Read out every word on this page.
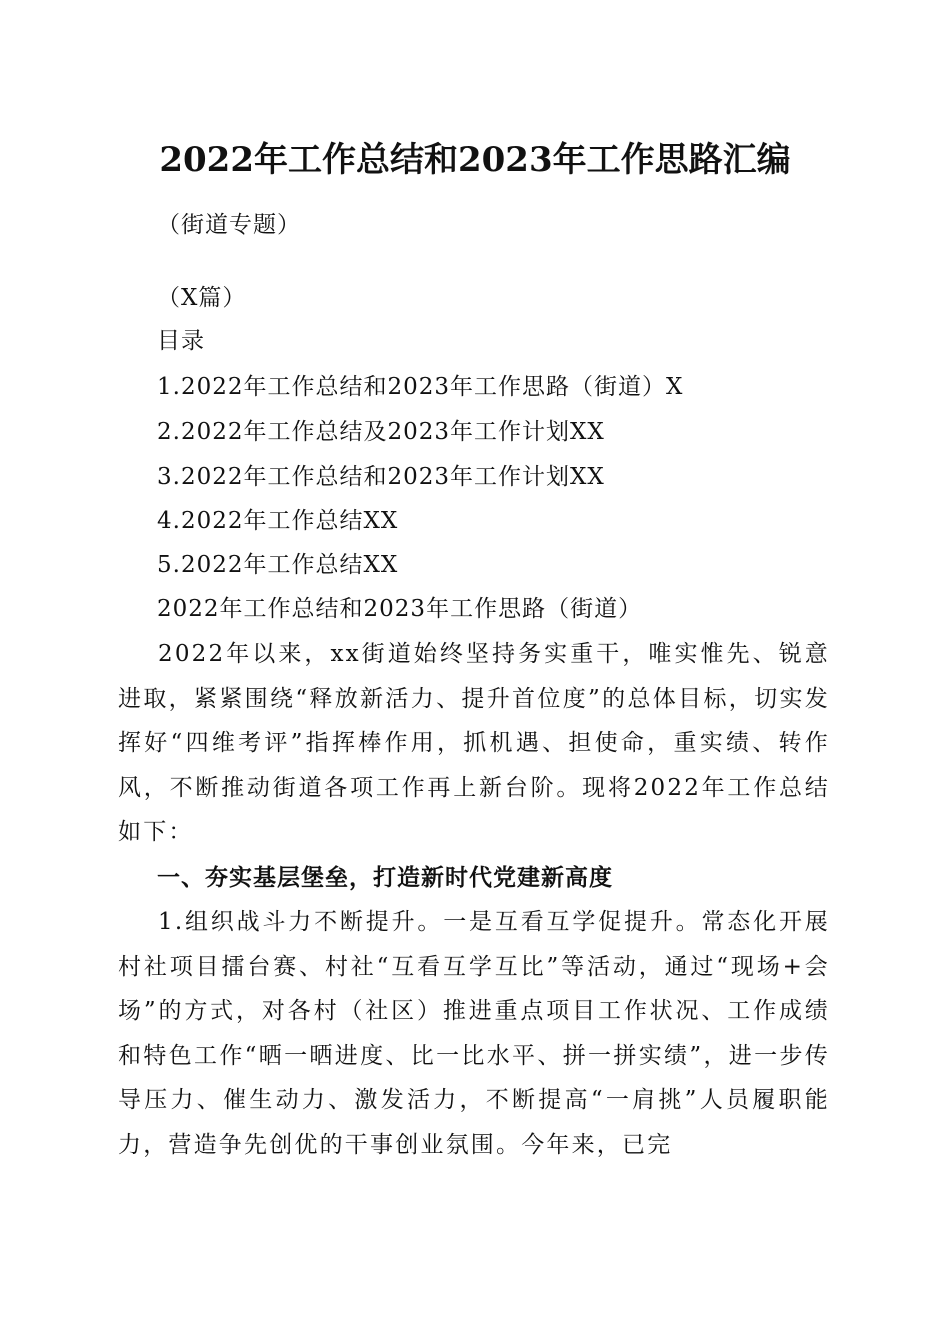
2022年工作总结和2023年工作思路汇编
（街道专题）
（X篇）
目录
1.2022年工作总结和2023年工作思路（街道）X
2.2022年工作总结及2023年工作计划XX
3.2022年工作总结和2023年工作计划XX
4.2022年工作总结XX
5.2022年工作总结XX
2022年工作总结和2023年工作思路（街道）
2022年以来，xx街道始终坚持务实重干，唯实惟先、锐意进取，紧紧围绕“释放新活力、提升首位度”的总体目标，切实发挥好“四维考评”指挥棒作用，抓机遇、担使命，重实绩、转作风，不断推动街道各项工作再上新台阶。现将2022年工作总结如下：
一、夯实基层堡垒，打造新时代党建新高度
1.组织战斗力不断提升。一是互看互学促提升。常态化开展村社项目擂台赛、村社“互看互学互比”等活动，通过“现场+会场”的方式，对各村（社区）推进重点项目工作状况、工作成绩和特色工作“晒一晒进度、比一比水平、拼一拼实绩”，进一步传导压力、催生动力、激发活力，不断提高“一肩挑”人员履职能力，营造争先创优的干事创业氛围。今年来，已完
